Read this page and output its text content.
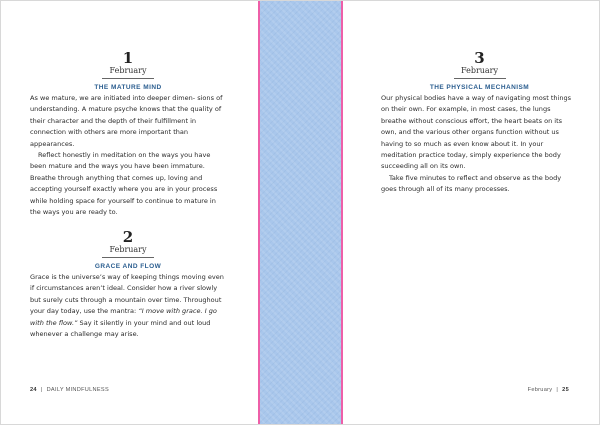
1
February
THE MATURE MIND

As we mature, we are initiated into deeper dimen- sions of understanding. A mature psyche knows that the quality of their character and the depth of their fulfillment in connection with others are more important than appearances.

Reflect honestly in meditation on the ways you have been mature and the ways you have been immature. Breathe through anything that comes up, loving and accepting yourself exactly where you are in your process while holding space for yourself to continue to mature in the ways you are ready to.

2
February
GRACE AND FLOW

Grace is the universe’s way of keeping things moving even if circumstances aren’t ideal. Consider how a river slowly but surely cuts through a mountain over time. Throughout your day today, use the mantra: “I move with grace. I go with the flow.” Say it silently in your mind and out loud whenever a challenge may arise.

24 | DAILY MINDFULNESS
3
February
THE PHYSICAL MECHANISM

Our physical bodies have a way of navigating most things on their own. For example, in most cases, the lungs breathe without conscious effort, the heart beats on its own, and the various other organs function without us having to so much as even know about it. In your meditation practice today, simply experience the body succeeding all on its own.

Take five minutes to reflect and observe as the body goes through all of its many processes.

February | 25
